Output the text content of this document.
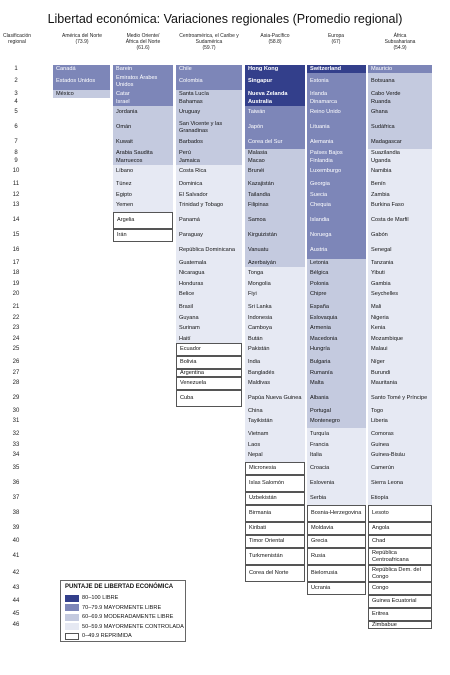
Libertad económica: Variaciones regionales (Promedio regional)
Clasificación
regional
América del Norte
(73.9)
Medio Oriente/
África del Norte
(61.6)
Centroamérica, el Caribe y
Sudamérica
(59.7)
Asia-Pacífico
(58.8)
Europa
(67)
África
Subsahariana
(54.9)
1
2
3
4
5
6
7
8
9
10
11
12
13
14
15
16
17
18
19
20
21
22
23
24
25
26
27
28
29
30
31
32
33
34
35
36
37
38
39
40
41
42
43
44
45
46
Canadá
Estados Unidos
México
Barein
Emiratos Árabes Unidos
Catar
Israel
Jordania
Omán
Kuwait
Arabia Saudita
Marruecos
Líbano
Túnez
Egipto
Yemen
Argelia
Irán
Chile
Colombia
Santa Lucía
Bahamas
Uruguay
San Vicente y las Granadinas
Barbados
Perú
Jamaica
Costa Rica
Dominica
El Salvador
Trinidad y Tobago
Panamá
Paraguay
República Dominicana
Guatemala
Nicaragua
Honduras
Belice
Brasil
Guyana
Surinam
Haití
Ecuador
Bolivia
Argentina
Venezuela
Cuba
Hong Kong
Singapur
Nueva Zelanda
Australia
Taiwán
Japón
Corea del Sur
Malasia
Macao
Brunéi
Kazajistán
Tailandia
Filipinas
Samoa
Kirguizistán
Vanuatu
Azerbaiyán
Tonga
Mongolia
Fiyi
Sri Lanka
Indonesia
Camboya
Bután
Pakistán
India
Bangladés
Maldivas
Papúa Nueva Guinea
China
Tayikistán
Vietnam
Laos
Nepal
Micronesia
Islas Salomón
Uzbekistán
Birmania
Kiribati
Timor Oriental
Turkmenistán
Corea del Norte
Switzerland
Estonia
Irlanda
Dinamarca
Reino Unido
Lituania
Alemania
Países Bajos
Finlandia
Luxemburgo
Georgia
Suecia
Chequia
Islandia
Noruega
Austria
Letonia
Bélgica
Polonia
Chipre
España
Eslovaquia
Armenia
Macedonia
Hungría
Bulgaria
Rumanía
Malta
Albania
Portugal
Montenegro
Turquía
Francia
Italia
Croacia
Eslovenia
Serbia
Bosnia-Herzegovina
Moldavia
Grecia
Rusia
Bielorrusia
Ucrania
Mauricio
Botsuana
Cabo Verde
Ruanda
Ghana
Sudáfrica
Madagascar
Suazilandia
Uganda
Namibia
Benín
Zambia
Burkina Faso
Costa de Marfil
Gabón
Senegal
Tanzania
Yibuti
Gambia
Seychelles
Mali
Nigeria
Kenia
Mozambique
Malaui
Níger
Burundi
Mauritania
Santo Tomé y Príncipe
Togo
Liberia
Comoras
Guinea
Guinea-Bisáu
Camerún
Sierra Leona
Etiopía
Lesoto
Angola
Chad
República Centroafricana
República Dem. del Congo
Congo
Guinea Ecuatorial
Eritrea
Zimbabue
PUNTAJE DE LIBERTAD ECONÓMICA
80–100 LIBRE
70–79.9 MAYORMENTE LIBRE
60–69.9 MODERADAMENTE LIBRE
50–59.9 MAYORMENTE CONTROLADA
0–49.9 REPRIMIDA
